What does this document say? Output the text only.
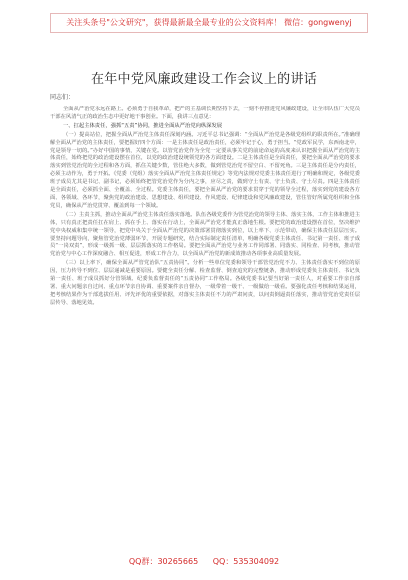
关注头条号"公文研究"，获得最新最全最专业的公文资料库！ 微信：gongwenyj
在年中党风廉政建设工作会议上的讲话
同志们：

全面从严治党永远在路上。必须勇于自我革命，把严的主基调长期坚持下去，一刻不停推进党风廉政建设，让全市队伍广大党员干部在风清气正的政治生态中更好地干事创业。下面，我讲三点意见：

一、扛起主体责任，强抓“五责”协同，推进全面从严治党向纵深发展

（一）提高站位，把握全面从严治党主体责任深刻内涵。习近平总书记强调：“全面从严治党是各级党组织的职责所在。”准确理解全面从严治党的主体责任，要把握好四个方面：一是主体责任是政治责任，必须牢记于心，勇于担当。“党政军民学，东西南北中，党是领导一切的。”办好中国的事情，关键在党。以管党治党作为全党一定要从事关党的前途命运的高度来认识把握全面从严治党的主体责任，始终把党的政治建设摆在首位，以党的政治建设统领党的各方面建设。二是主体责任是全面责任，要把全面从严治党的要求落实到管党治党的全过程和各方面，抓住关键少数，管住绝大多数，做到管党治党不留空白、不留死角。三是主体责任是分内责任，必须主动作为，勇于开拓。《党委（党组）落实全面从严治党主体责任规定》等党内法规对党委主体责任进行了明确和规定，各级党委班子成员尤其是书记、副书记，必须始终把管党治党作为分内之事，应尽之责，做到守土有责、守土负责、守土尽责。四是主体责任是全面责任，必须抓全面、全覆盖、全过程。党委主体责任，要把全面从严治党的要求贯穿于党的领导全过程，落实到党的建设各方面、各领域、各环节，聚焦党的政治建设、思想建设、组织建设、作风建设、纪律建设和党风廉政建设，管住管好所属党组织和全体党员，确保从严治党贯穿、覆盖到每一个领域。

（二）主责主抓，推动全面从严治党主体责任落实落地。队伍各级党委作为管党治党的领导主体、落实主体，工作主体和推进主体，只有真正把责任扛在肩上、抓在手上、落实在行动上，全面从严治党才能真正落地生根。要把党的政治建设摆在首位，坚决维护党中央权威和集中统一领导，把党中央关于全面从严治党的决策部署贯彻落实到位，以上率下、示范带动，确保主体责任层层压实。要坚持问题导向，聚焦管党治党薄弱环节，开展专题研究，结合实际制定责任清单，明确各级党委主体责任、书记第一责任、班子成员“一岗双责”，形成一级抓一级、层层抓落实的工作格局。要把全面从严治党与业务工作同部署、同落实、同检查、同考核，推动管党治党与中心工作深度融合、相互促进，形成工作合力，以全面从严治党的新成效推动各项事业高质量发展。

（三）以上率下，确保全面从严管党治队“五责协同”。分析一些单位党委和领导干部管党治党不力、主体责任落实不到位的原因，压力传导不到位、层层递减是重要原因。要健全责任分解、检查监督、倒查追究的完整链条，推动形成党委负主体责任、书记负第一责任、班子成员抓好分管领域、纪委负监督责任的“五责协同”工作格局。各级党委书记要当好第一责任人，对重要工作亲自部署、重大问题亲自过问、重点环节亲自协调、重要案件亲自督办，一级带着一级干、一级做给一级看。要强化责任考核和结果运用，把考核结果作为干部选拔任用、评先评优的重要依据，对落实主体责任不力的严肃问责，以问责倒逼责任落实，推动管党治党责任层层传导、落地见效。

QQ群：30265665 QQ：535304092
